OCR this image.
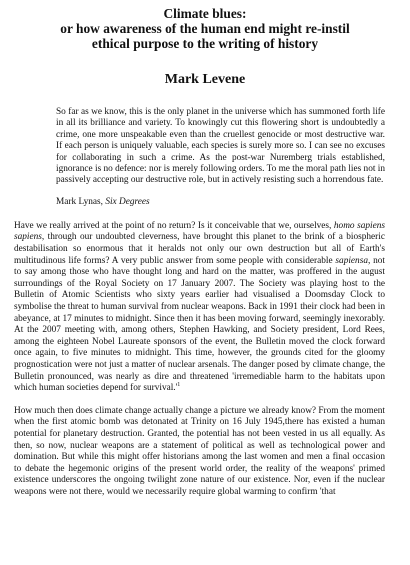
Climate blues:
or how awareness of the human end might re-instil
ethical purpose to the writing of history
Mark Levene

So far as we know, this is the only planet in the universe which has summoned forth life in all its brilliance and variety. To knowingly cut this flowering short is undoubtedly a crime, one more unspeakable even than the cruellest genocide or most destructive war. If each person is uniquely valuable, each species is surely more so. I can see no excuses for collaborating in such a crime. As the post-war Nuremberg trials established, ignorance is no defence: nor is merely following orders. To me the moral path lies not in passively accepting our destructive role, but in actively resisting such a horrendous fate.

Mark Lynas, Six Degrees

Have we really arrived at the point of no return? Is it conceivable that we, ourselves, homo sapiens sapiens, through our undoubted cleverness, have brought this planet to the brink of a biospheric destabilisation so enormous that it heralds not only our own destruction but all of Earth's multitudinous life forms? A very public answer from some people with considerable sapiensa, not to say among those who have thought long and hard on the matter, was proffered in the august surroundings of the Royal Society on 17 January 2007. The Society was playing host to the Bulletin of Atomic Scientists who sixty years earlier had visualised a Doomsday Clock to symbolise the threat to human survival from nuclear weapons. Back in 1991 their clock had been in abeyance, at 17 minutes to midnight. Since then it has been moving forward, seemingly inexorably. At the 2007 meeting with, among others, Stephen Hawking, and Society president, Lord Rees, among the eighteen Nobel Laureate sponsors of the event, the Bulletin moved the clock forward once again, to five minutes to midnight. This time, however, the grounds cited for the gloomy prognostication were not just a matter of nuclear arsenals. The danger posed by climate change, the Bulletin pronounced, was nearly as dire and threatened 'irremediable harm to the habitats upon which human societies depend for $survival.'^1$

How much then does climate change actually change a picture we already know? From the moment when the first atomic bomb was detonated at Trinity on 16 July 1945,there has existed a human potential for planetary destruction. Granted, the potential has not been vested in us all equally. As then, so now, nuclear weapons are a statement of political as well as technological power and domination. But while this might offer historians among the last women and men a final occasion to debate the hegemonic origins of the present world order, the reality of the weapons' primed existence underscores the ongoing twilight zone nature of our existence. Nor, even if the nuclear weapons were not there, would we necessarily require global warming to confirm 'that
